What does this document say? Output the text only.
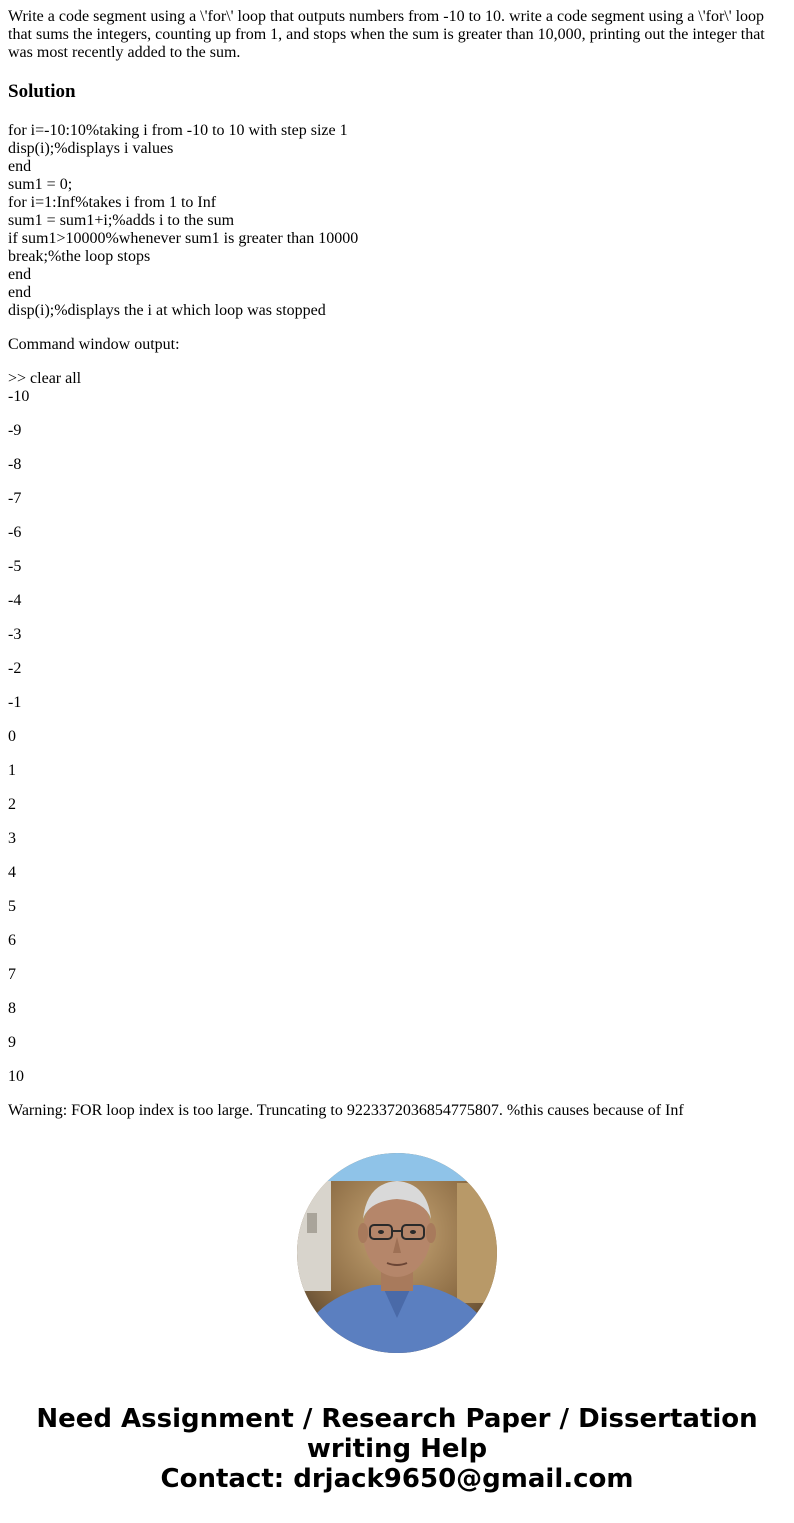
Write a code segment using a \'for\' loop that outputs numbers from -10 to 10. write a code segment using a \'for\' loop that sums the integers, counting up from 1, and stops when the sum is greater than 10,000, printing out the integer that was most recently added to the sum.

Solution

for i=-10:10%taking i from -10 to 10 with step size 1
disp(i);%displays i values
end
sum1 = 0;
for i=1:Inf%takes i from 1 to Inf
sum1 = sum1+i;%adds i to the sum
if sum1>10000%whenever sum1 is greater than 10000
break;%the loop stops
end
end
disp(i);%displays the i at which loop was stopped

Command window output:

>> clear all
-10
-9
-8
-7
-6
-5
-4
-3
-2
-1
0
1
2
3
4
5
6
7
8
9
10
Warning: FOR loop index is too large. Truncating to 9223372036854775807. %this causes because of Inf
Need Assignment / Research Paper / Dissertation
writing Help
Contact: drjack9650@gmail.com
